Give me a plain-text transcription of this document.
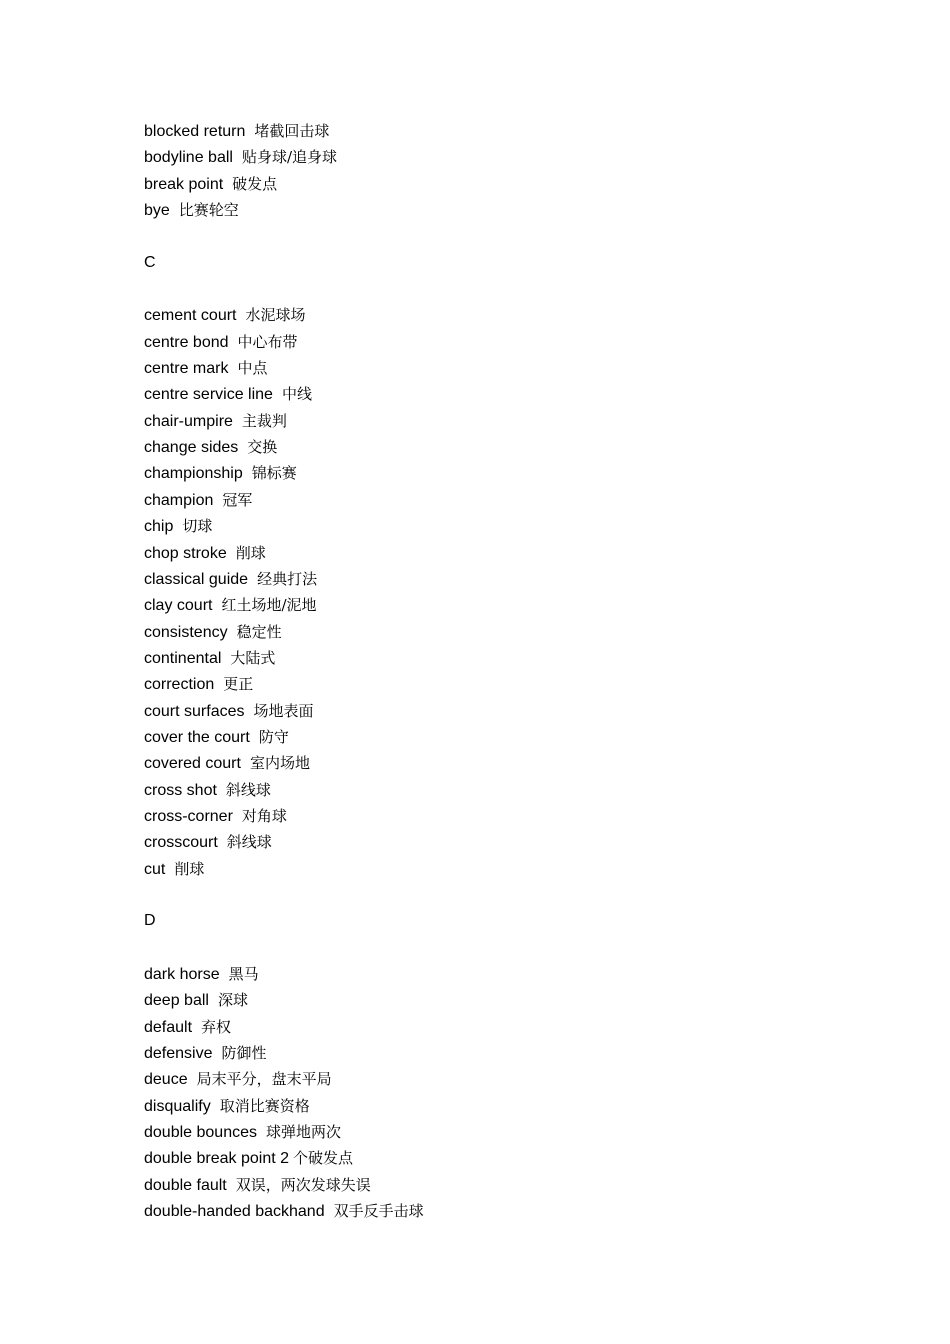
blocked return 堵截回击球
bodyline ball 贴身球/追身球
break point 破发点
bye 比赛轮空
C
cement court 水泥球场
centre bond 中心布带
centre mark 中点
centre service line 中线
chair-umpire 主裁判
change sides 交换
championship 锦标赛
champion 冠军
chip 切球
chop stroke 削球
classical guide 经典打法
clay court 红土场地/泥地
consistency 稳定性
continental 大陆式
correction 更正
court surfaces 场地表面
cover the court 防守
covered court 室内场地
cross shot 斜线球
cross-corner 对角球
crosscourt 斜线球
cut 削球
D
dark horse 黑马
deep ball 深球
default 弃权
defensive 防御性
deuce 局末平分，盘末平局
disqualify 取消比赛资格
double bounces 球弹地两次
double break point 2 个破发点
double fault 双误，两次发球失误
double-handed backhand 双手反手击球
